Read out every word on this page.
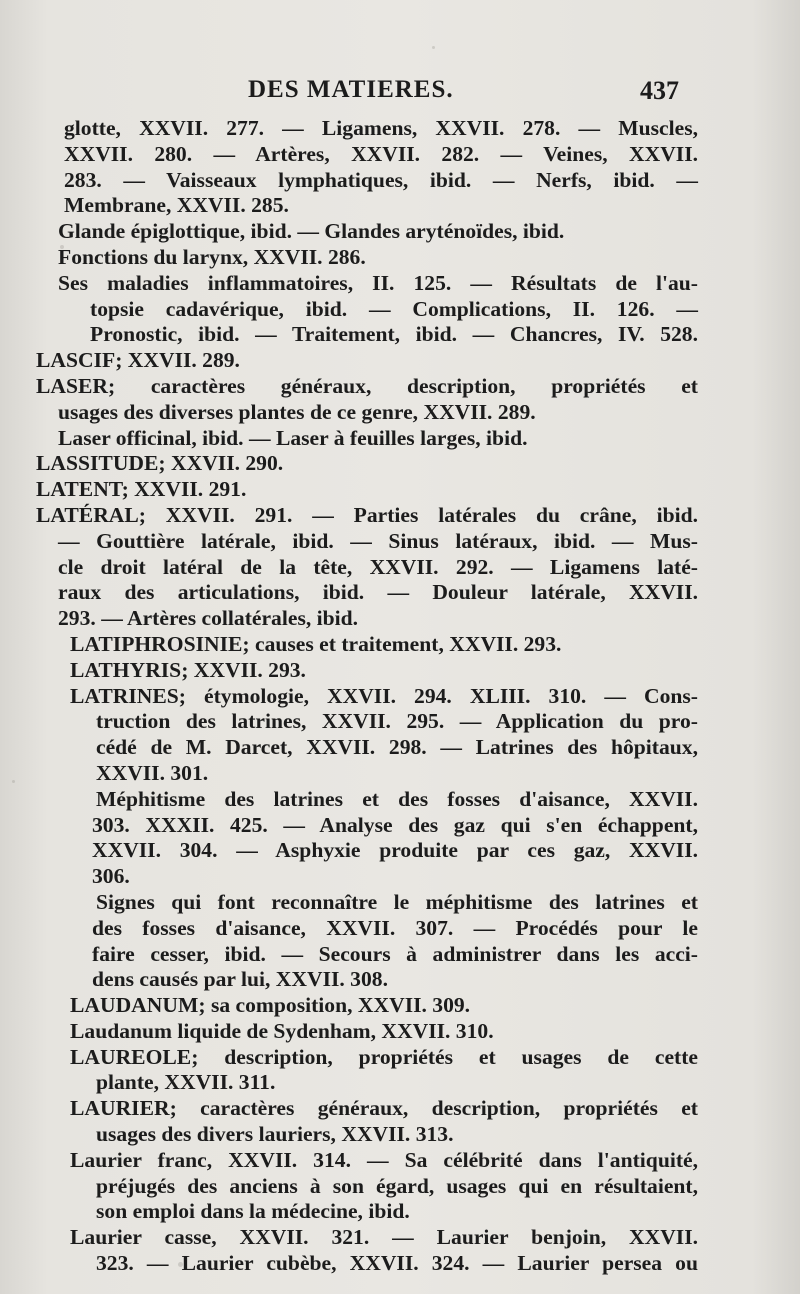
DES MATIERES.	437
glotte, XXVII. 277. — Ligamens, XXVII. 278. — Muscles,
XXVII. 280. — Artères, XXVII. 282. — Veines, XXVII.
283. — Vaisseaux lymphatiques, ibid. — Nerfs, ibid. —
Membrane, XXVII. 285.
Glande épiglottique, ibid. — Glandes aryténoïdes, ibid.
Fonctions du larynx, XXVII. 286.
Ses maladies inflammatoires, II. 125. — Résultats de l'au-
topsie cadavérique, ibid. — Complications, II. 126. —
Pronostic, ibid. — Traitement, ibid. — Chancres, IV. 528.
LASCIF; XXVII. 289.
LASER; caractères généraux, description, propriétés et
usages des diverses plantes de ce genre, XXVII. 289.
Laser officinal, ibid. — Laser à feuilles larges, ibid.
LASSITUDE; XXVII. 290.
LATENT; XXVII. 291.
LATÉRAL; XXVII. 291. — Parties latérales du crâne, ibid.
— Gouttière latérale, ibid. — Sinus latéraux, ibid. — Mus-
cle droit latéral de la tête, XXVII. 292. — Ligamens laté-
raux des articulations, ibid. — Douleur latérale, XXVII.
293. — Artères collatérales, ibid.
LATIPHROSINIE; causes et traitement, XXVII. 293.
LATHYRIS; XXVII. 293.
LATRINES; étymologie, XXVII. 294. XLIII. 310. — Cons-
truction des latrines, XXVII. 295. — Application du pro-
cédé de M. Darcet, XXVII. 298. — Latrines des hôpitaux,
XXVII. 301.
Méphitisme des latrines et des fosses d'aisance, XXVII.
303. XXXII. 425. — Analyse des gaz qui s'en échappent,
XXVII. 304. — Asphyxie produite par ces gaz, XXVII.
306.
Signes qui font reconnaître le méphitisme des latrines et
des fosses d'aisance, XXVII. 307. — Procédés pour le
faire cesser, ibid. — Secours à administrer dans les acci-
dens causés par lui, XXVII. 308.
LAUDANUM; sa composition, XXVII. 309.
Laudanum liquide de Sydenham, XXVII. 310.
LAUREOLE; description, propriétés et usages de cette
plante, XXVII. 311.
LAURIER; caractères généraux, description, propriétés et
usages des divers lauriers, XXVII. 313.
Laurier franc, XXVII. 314. — Sa célébrité dans l'antiquité,
préjugés des anciens à son égard, usages qui en résultaient,
son emploi dans la médecine, ibid.
Laurier casse, XXVII. 321. — Laurier benjoin, XXVII.
323. — Laurier cubèbe, XXVII. 324. — Laurier persea ou
